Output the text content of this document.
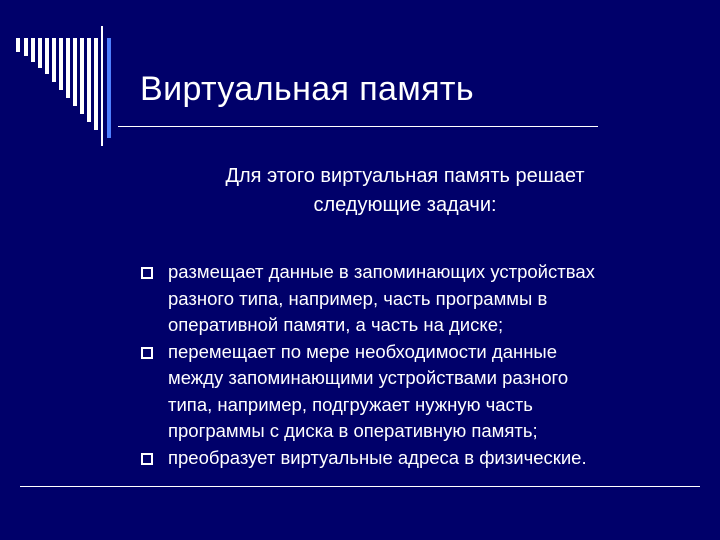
Виртуальная память
Для этого виртуальная память решает
следующие задачи:
размещает данные в запоминающих устройствах
разного типа, например, часть программы в
оперативной памяти, а часть на диске;
перемещает по мере необходимости данные
между запоминающими устройствами разного
типа, например, подгружает нужную часть
программы с диска в оперативную память;
преобразует виртуальные адреса в физические.
